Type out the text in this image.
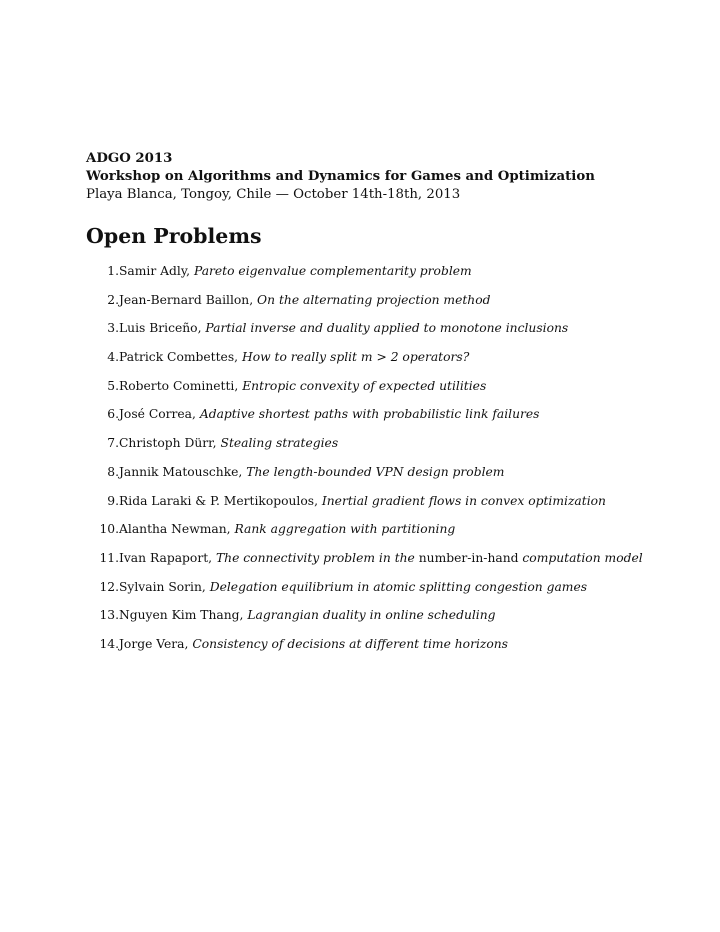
ADGO 2013
Workshop on Algorithms and Dynamics for Games and Optimization
Playa Blanca, Tongoy, Chile — October 14th-18th, 2013
Open Problems
1. Samir Adly, Pareto eigenvalue complementarity problem
2. Jean-Bernard Baillon, On the alternating projection method
3. Luis Briceño, Partial inverse and duality applied to monotone inclusions
4. Patrick Combettes, How to really split m > 2 operators?
5. Roberto Cominetti, Entropic convexity of expected utilities
6. José Correa, Adaptive shortest paths with probabilistic link failures
7. Christoph Dürr, Stealing strategies
8. Jannik Matouschke, The length-bounded VPN design problem
9. Rida Laraki & P. Mertikopoulos, Inertial gradient flows in convex optimization
10. Alantha Newman, Rank aggregation with partitioning
11. Ivan Rapaport, The connectivity problem in the number-in-hand computation model
12. Sylvain Sorin, Delegation equilibrium in atomic splitting congestion games
13. Nguyen Kim Thang, Lagrangian duality in online scheduling
14. Jorge Vera, Consistency of decisions at different time horizons
